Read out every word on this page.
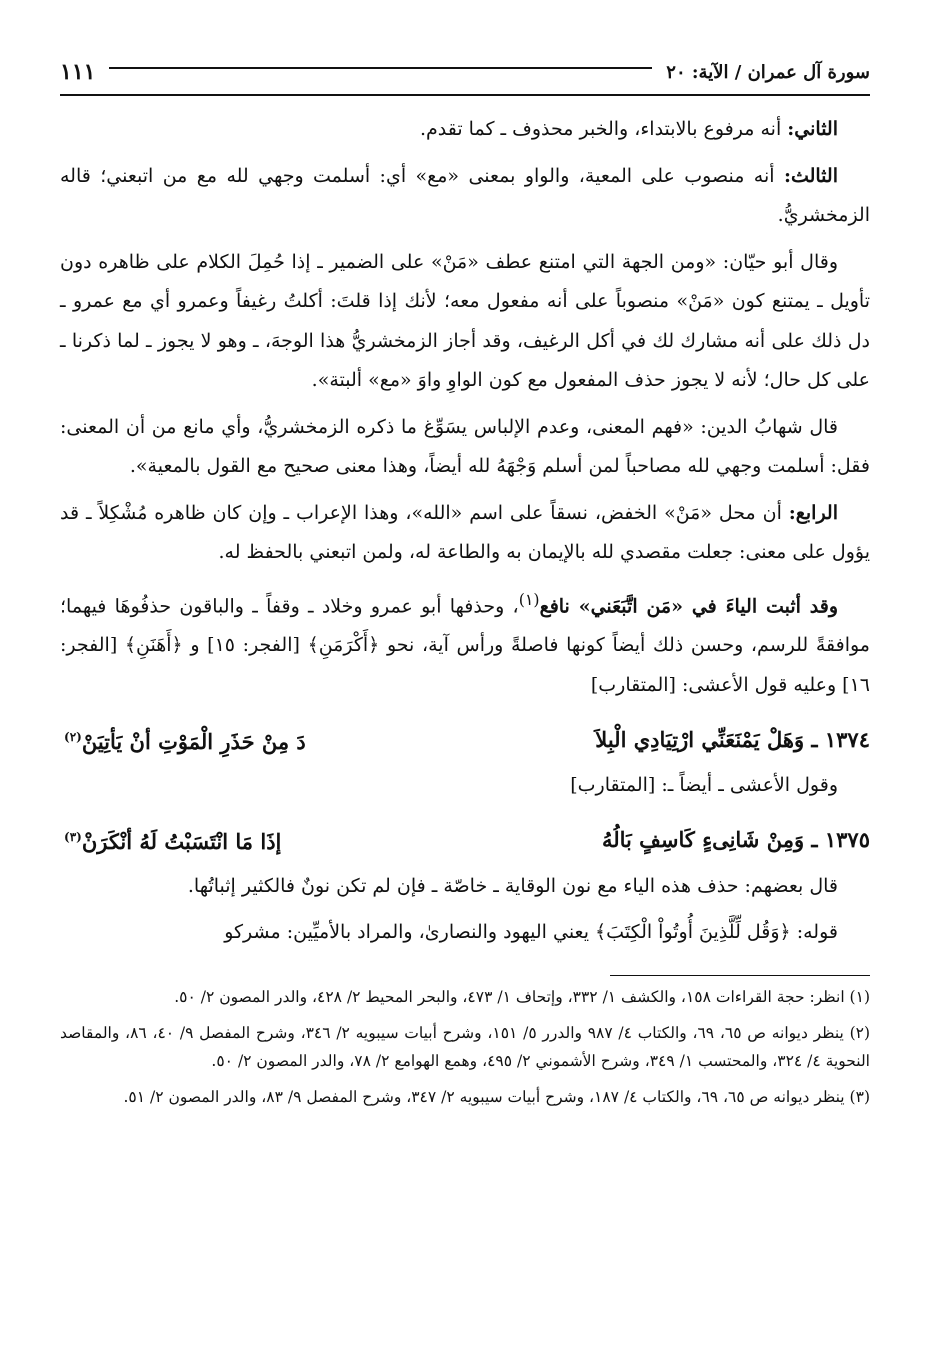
سورة آل عمران / الآية: ٢٠
١١١

الثاني: أنه مرفوع بالابتداء، والخبر محذوف ـ كما تقدم.

الثالث: أنه منصوب على المعية، والواو بمعنى «مع» أي: أسلمت وجهي لله مع من اتبعني؛ قاله الزمخشريُّ.

وقال أبو حيّان: «ومن الجهة التي امتنع عطف «مَنْ» على الضمير ـ إذا حُمِلَ الكلام على ظاهره دون تأويل ـ يمتنع كون «مَنْ» منصوباً على أنه مفعول معه؛ لأنك إذا قلتَ: أكلتُ رغيفاً وعمرو أي مع عمرو ـ دل ذلك على أنه مشارك لك في أكل الرغيف، وقد أجاز الزمخشريُّ هذا الوجهَ، ـ وهو لا يجوز ـ لما ذكرنا ـ على كل حال؛ لأنه لا يجوز حذف المفعول مع كون الواوِ واوَ «مع» ألبتة».

قال شهابُ الدين: «فهم المعنى، وعدم الإلباس يسَوِّغ ما ذكره الزمخشريُّ، وأي مانع من أن المعنى: فقل: أسلمت وجهي لله مصاحباً لمن أسلم وَجْهَهُ لله أيضاً، وهذا معنى صحيح مع القول بالمعية».

الرابع: أن محل «مَنْ» الخفض، نسقاً على اسم «الله»، وهذا الإعراب ـ وإن كان ظاهره مُشْكِلاً ـ قد يؤول على معنى: جعلت مقصدي لله بالإيمان به والطاعة له، ولمن اتبعني بالحفظ له.

وقد أثبت الياءَ في «مَن اتَّبَعَني» نافع$^{(١)}$، وحذفها أبو عمرو وخلاد ـ وقفاً ـ والباقون حذفُوهَا فيهما؛ موافقةً للرسم، وحسن ذلك أيضاً كونها فاصلةً ورأس آية، نحو ﴿أَكْرَمَنِ﴾ [الفجر: ١٥] و ﴿أَهَنَنِ﴾ [الفجر: ١٦] وعليه قول الأعشى: [المتقارب]

١٣٧٤ ـ وَهَلْ يَمْنَعَنِّي ارْتِيَادِي الْبِلاَ
دَ مِنْ حَذَرِ الْمَوْتِ أنْ يَأتِيَنْ$^{(٢)}$

وقول الأعشى ـ أيضاً ـ: [المتقارب]

١٣٧٥ ـ وَمِنْ شَانِىءٍ كَاسِفٍ بَالُهُ
إذَا مَا انْتَسَبْتُ لَهُ أنْكَرَنْ$^{(٣)}$

قال بعضهم: حذف هذه الياء مع نون الوقاية ـ خاصّة ـ فإن لم تكن نونٌ فالكثير إثباتُها.

قوله: ﴿وَقُل لِّلَّذِينَ أُوتُواْ الْكِتَبَ﴾ يعني اليهود والنصارىٰ، والمراد بالأميِّين: مشركو

(١) انظر: حجة القراءات ١٥٨، والكشف ١/ ٣٣٢، وإتحاف ١/ ٤٧٣، والبحر المحيط ٢/ ٤٢٨، والدر المصون ٢/ ٥٠.

(٢) ينظر ديوانه ص ٦٥، ٦٩، والكتاب ٤/ ٩٨٧ والدرر ٥/ ١٥١، وشرح أبيات سيبويه ٢/ ٣٤٦، وشرح المفصل ٩/ ٤٠، ٨٦، والمقاصد النحوية ٤/ ٣٢٤، والمحتسب ١/ ٣٤٩، وشرح الأشموني ٢/ ٤٩٥، وهمع الهوامع ٢/ ٧٨، والدر المصون ٢/ ٥٠.

(٣) ينظر ديوانه ص ٦٥، ٦٩، والكتاب ٤/ ١٨٧، وشرح أبيات سيبويه ٢/ ٣٤٧، وشرح المفصل ٩/ ٨٣، والدر المصون ٢/ ٥١.
